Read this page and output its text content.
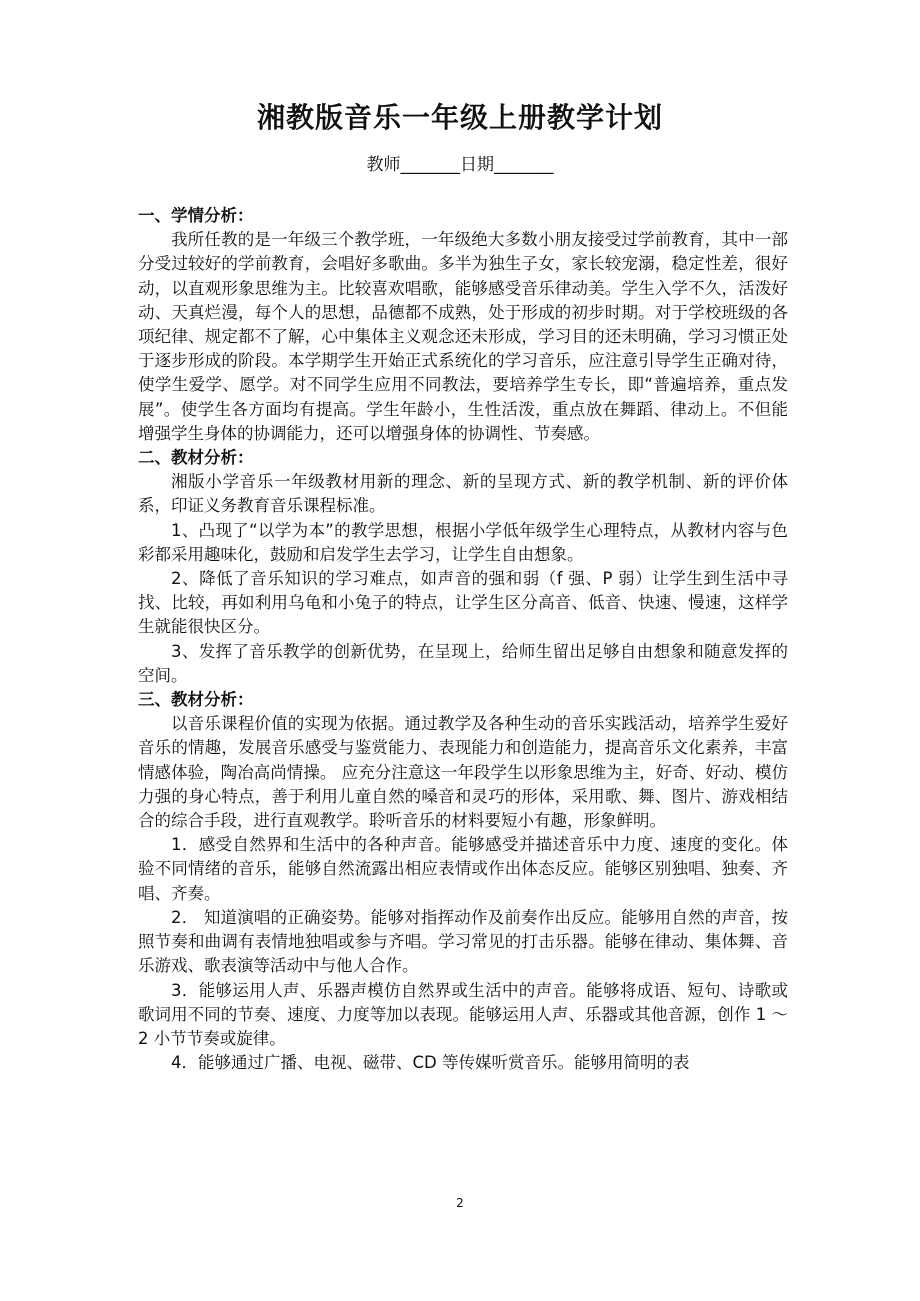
湘教版音乐一年级上册教学计划
教师_______日期_______

一、学情分析：

我所任教的是一年级三个教学班，一年级绝大多数小朋友接受过学前教育，其中一部分受过较好的学前教育，会唱好多歌曲。多半为独生子女，家长较宠溺，稳定性差，很好动，以直观形象思维为主。比较喜欢唱歌，能够感受音乐律动美。学生入学不久，活泼好动、天真烂漫，每个人的思想，品德都不成熟，处于形成的初步时期。对于学校班级的各项纪律、规定都不了解，心中集体主义观念还未形成，学习目的还未明确，学习习惯正处于逐步形成的阶段。本学期学生开始正式系统化的学习音乐，应注意引导学生正确对待，使学生爱学、愿学。对不同学生应用不同教法，要培养学生专长，即“普遍培养，重点发展”。使学生各方面均有提高。学生年龄小，生性活泼，重点放在舞蹈、律动上。不但能增强学生身体的协调能力，还可以增强身体的协调性、节奏感。

二、教材分析：

湘版小学音乐一年级教材用新的理念、新的呈现方式、新的教学机制、新的评价体系，印证义务教育音乐课程标准。

1、凸现了“以学为本”的教学思想，根据小学低年级学生心理特点，从教材内容与色彩都采用趣味化，鼓励和启发学生去学习，让学生自由想象。

2、降低了音乐知识的学习难点，如声音的强和弱（f 强、P 弱）让学生到生活中寻找、比较，再如利用乌龟和小兔子的特点，让学生区分高音、低音、快速、慢速，这样学生就能很快区分。

3、发挥了音乐教学的创新优势，在呈现上，给师生留出足够自由想象和随意发挥的空间。

三、教材分析：

以音乐课程价值的实现为依据。通过教学及各种生动的音乐实践活动，培养学生爱好音乐的情趣，发展音乐感受与鉴赏能力、表现能力和创造能力，提高音乐文化素养，丰富情感体验，陶冶高尚情操。 应充分注意这一年段学生以形象思维为主，好奇、好动、模仿力强的身心特点，善于利用儿童自然的嗓音和灵巧的形体，采用歌、舞、图片、游戏相结合的综合手段，进行直观教学。聆听音乐的材料要短小有趣，形象鲜明。

1．感受自然界和生活中的各种声音。能够感受并描述音乐中力度、速度的变化。体验不同情绪的音乐，能够自然流露出相应表情或作出体态反应。能够区别独唱、独奏、齐唱、齐奏。

2． 知道演唱的正确姿势。能够对指挥动作及前奏作出反应。能够用自然的声音，按照节奏和曲调有表情地独唱或参与齐唱。学习常见的打击乐器。能够在律动、集体舞、音乐游戏、歌表演等活动中与他人合作。

3．能够运用人声、乐器声模仿自然界或生活中的声音。能够将成语、短句、诗歌或歌词用不同的节奏、速度、力度等加以表现。能够运用人声、乐器或其他音源，创作 1 ～ 2 小节节奏或旋律。

4．能够通过广播、电视、磁带、CD 等传媒听赏音乐。能够用简明的表

2
